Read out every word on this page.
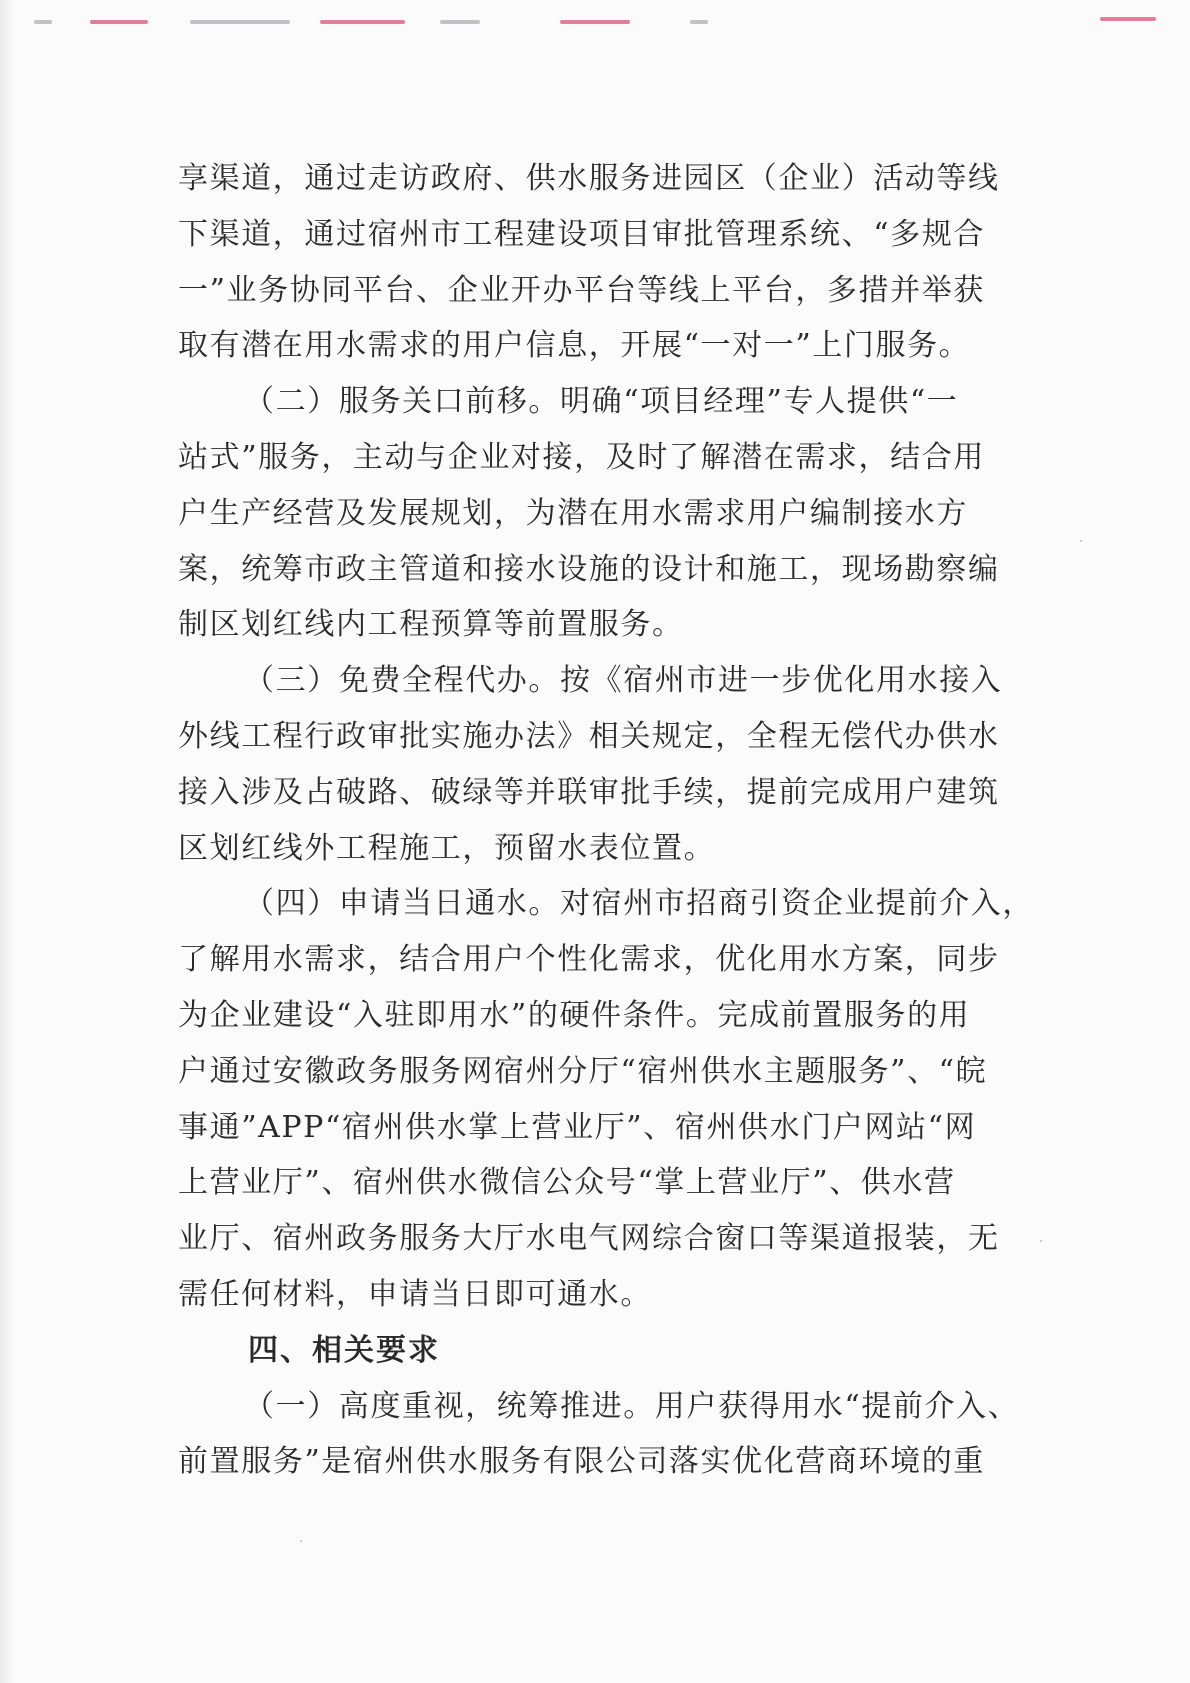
享渠道，通过走访政府、供水服务进园区（企业）活动等线
下渠道，通过宿州市工程建设项目审批管理系统、“多规合
一”业务协同平台、企业开办平台等线上平台，多措并举获
取有潜在用水需求的用户信息，开展“一对一”上门服务。
（二）服务关口前移。明确“项目经理”专人提供“一
站式”服务，主动与企业对接，及时了解潜在需求，结合用
户生产经营及发展规划，为潜在用水需求用户编制接水方
案，统筹市政主管道和接水设施的设计和施工，现场勘察编
制区划红线内工程预算等前置服务。
（三）免费全程代办。按《宿州市进一步优化用水接入
外线工程行政审批实施办法》相关规定，全程无偿代办供水
接入涉及占破路、破绿等并联审批手续，提前完成用户建筑
区划红线外工程施工，预留水表位置。
（四）申请当日通水。对宿州市招商引资企业提前介入，
了解用水需求，结合用户个性化需求，优化用水方案，同步
为企业建设“入驻即用水”的硬件条件。完成前置服务的用
户通过安徽政务服务网宿州分厅“宿州供水主题服务”、“皖
事通”APP“宿州供水掌上营业厅”、宿州供水门户网站“网
上营业厅”、宿州供水微信公众号“掌上营业厅”、供水营
业厅、宿州政务服务大厅水电气网综合窗口等渠道报装，无
需任何材料，申请当日即可通水。
四、相关要求
（一）高度重视，统筹推进。用户获得用水“提前介入、
前置服务”是宿州供水服务有限公司落实优化营商环境的重
